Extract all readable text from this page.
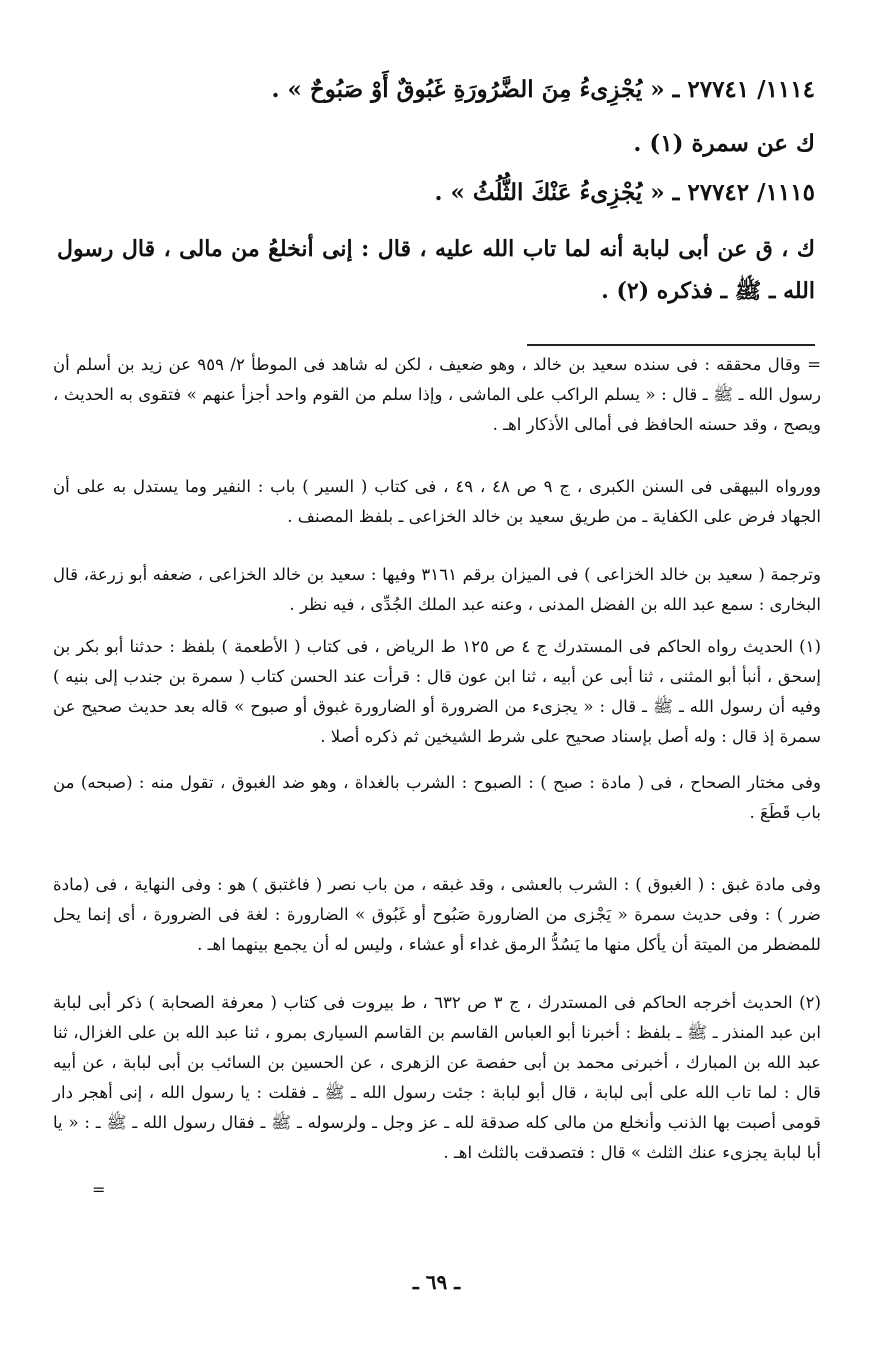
١١١٤/ ٢٧٧٤١ ـ « يُجْزِىءُ مِنَ الضَّرُورَةِ غَبُوقٌ أَوْ صَبُوحٌ » .
ك عن سمرة (١) .
١١١٥/ ٢٧٧٤٢ ـ « يُجْزِىءُ عَنْكَ الثُّلُثُ » .
ك ، ق عن أبى لبابة أنه لما تاب الله عليه ، قال : إنى أنخلعُ من مالى ، قال رسول الله ـ ﷺ ـ فذكره (٢) .

= وقال محققه : فى سنده سعيد بن خالد ، وهو ضعيف ، لكن له شاهد فى الموطأ ٢/ ٩٥٩ عن زيد بن أسلم أن رسول الله ـ ﷺ ـ قال : « يسلم الراكب على الماشى ، وإذا سلم من القوم واحد أجزأ عنهم » فتقوى به الحديث ، ويصح ، وقد حسنه الحافظ فى أمالى الأذكار اهـ .

وورواه البيهقى فى السنن الكبرى ، ج ٩ ص ٤٨ ، ٤٩ ، فى كتاب ( السير ) باب : النفير وما يستدل به على أن الجهاد فرض على الكفاية ـ من طريق سعيد بن خالد الخزاعى ـ بلفظ المصنف .

وترجمة ( سعيد بن خالد الخزاعى ) فى الميزان برقم ٣١٦١ وفيها : سعيد بن خالد الخزاعى ، ضعفه أبو زرعة، قال البخارى : سمع عبد الله بن الفضل المدنى ، وعنه عبد الملك الجُدِّى ، فيه نظر .

(١) الحديث رواه الحاكم فى المستدرك ج ٤ ص ١٢٥ ط الرياض ، فى كتاب ( الأطعمة ) بلفظ : حدثنا أبو بكر بن إسحق ، أنبأ أبو المثنى ، ثنا أبى عن أبيه ، ثنا ابن عون قال : قرأت عند الحسن كتاب ( سمرة بن جندب إلى بنيه ) وفيه أن رسول الله ـ ﷺ ـ قال : « يجزىء من الضرورة أو الضارورة غبوق أو صبوح » قاله بعد حديث صحيح عن سمرة إذ قال : وله أصل بإسناد صحيح على شرط الشيخين ثم ذكره أصلا .

وفى مختار الصحاح ، فى ( مادة : صبح ) : الصبوح : الشرب بالغداة ، وهو ضد الغبوق ، تقول منه : (صبحه) من باب قَطَعَ .

وفى مادة غبق : ( الغبوق ) : الشرب بالعشى ، وقد غبقه ، من باب نصر ( فاغتبق ) هو : وفى النهاية ، فى (مادة ضرر ) : وفى حديث سمرة « يَجْزى من الضارورة صَبُوح أو غَبُوق » الضارورة : لغة فى الضرورة ، أى إنما يحل للمضطر من الميتة أن يأكل منها ما يَسُدُّ الرمق غداء أو عشاء ، وليس له أن يجمع بينهما اهـ .

(٢) الحديث أخرجه الحاكم فى المستدرك ، ج ٣ ص ٦٣٢ ، ط بيروت فى كتاب ( معرفة الصحابة ) ذكر أبى لبابة ابن عبد المنذر ـ ﷺ ـ بلفظ : أخبرنا أبو العباس القاسم بن القاسم السيارى بمرو ، ثنا عبد الله بن على الغزال، ثنا عبد الله بن المبارك ، أخبرنى محمد بن أبى حفصة عن الزهرى ، عن الحسين بن السائب بن أبى لبابة ، عن أبيه قال : لما تاب الله على أبى لبابة ، قال أبو لبابة : جئت رسول الله ـ ﷺ ـ فقلت : يا رسول الله ، إنى أهجر دار قومى أصبت بها الذنب وأنخلع من مالى كله صدقة لله ـ عز وجل ـ ولرسوله ـ ﷺ ـ فقال رسول الله ـ ﷺ ـ : « يا أبا لبابة يجزىء عنك الثلث » قال : فتصدقت بالثلث اهـ .

=
ـ ٦٩ ـ
